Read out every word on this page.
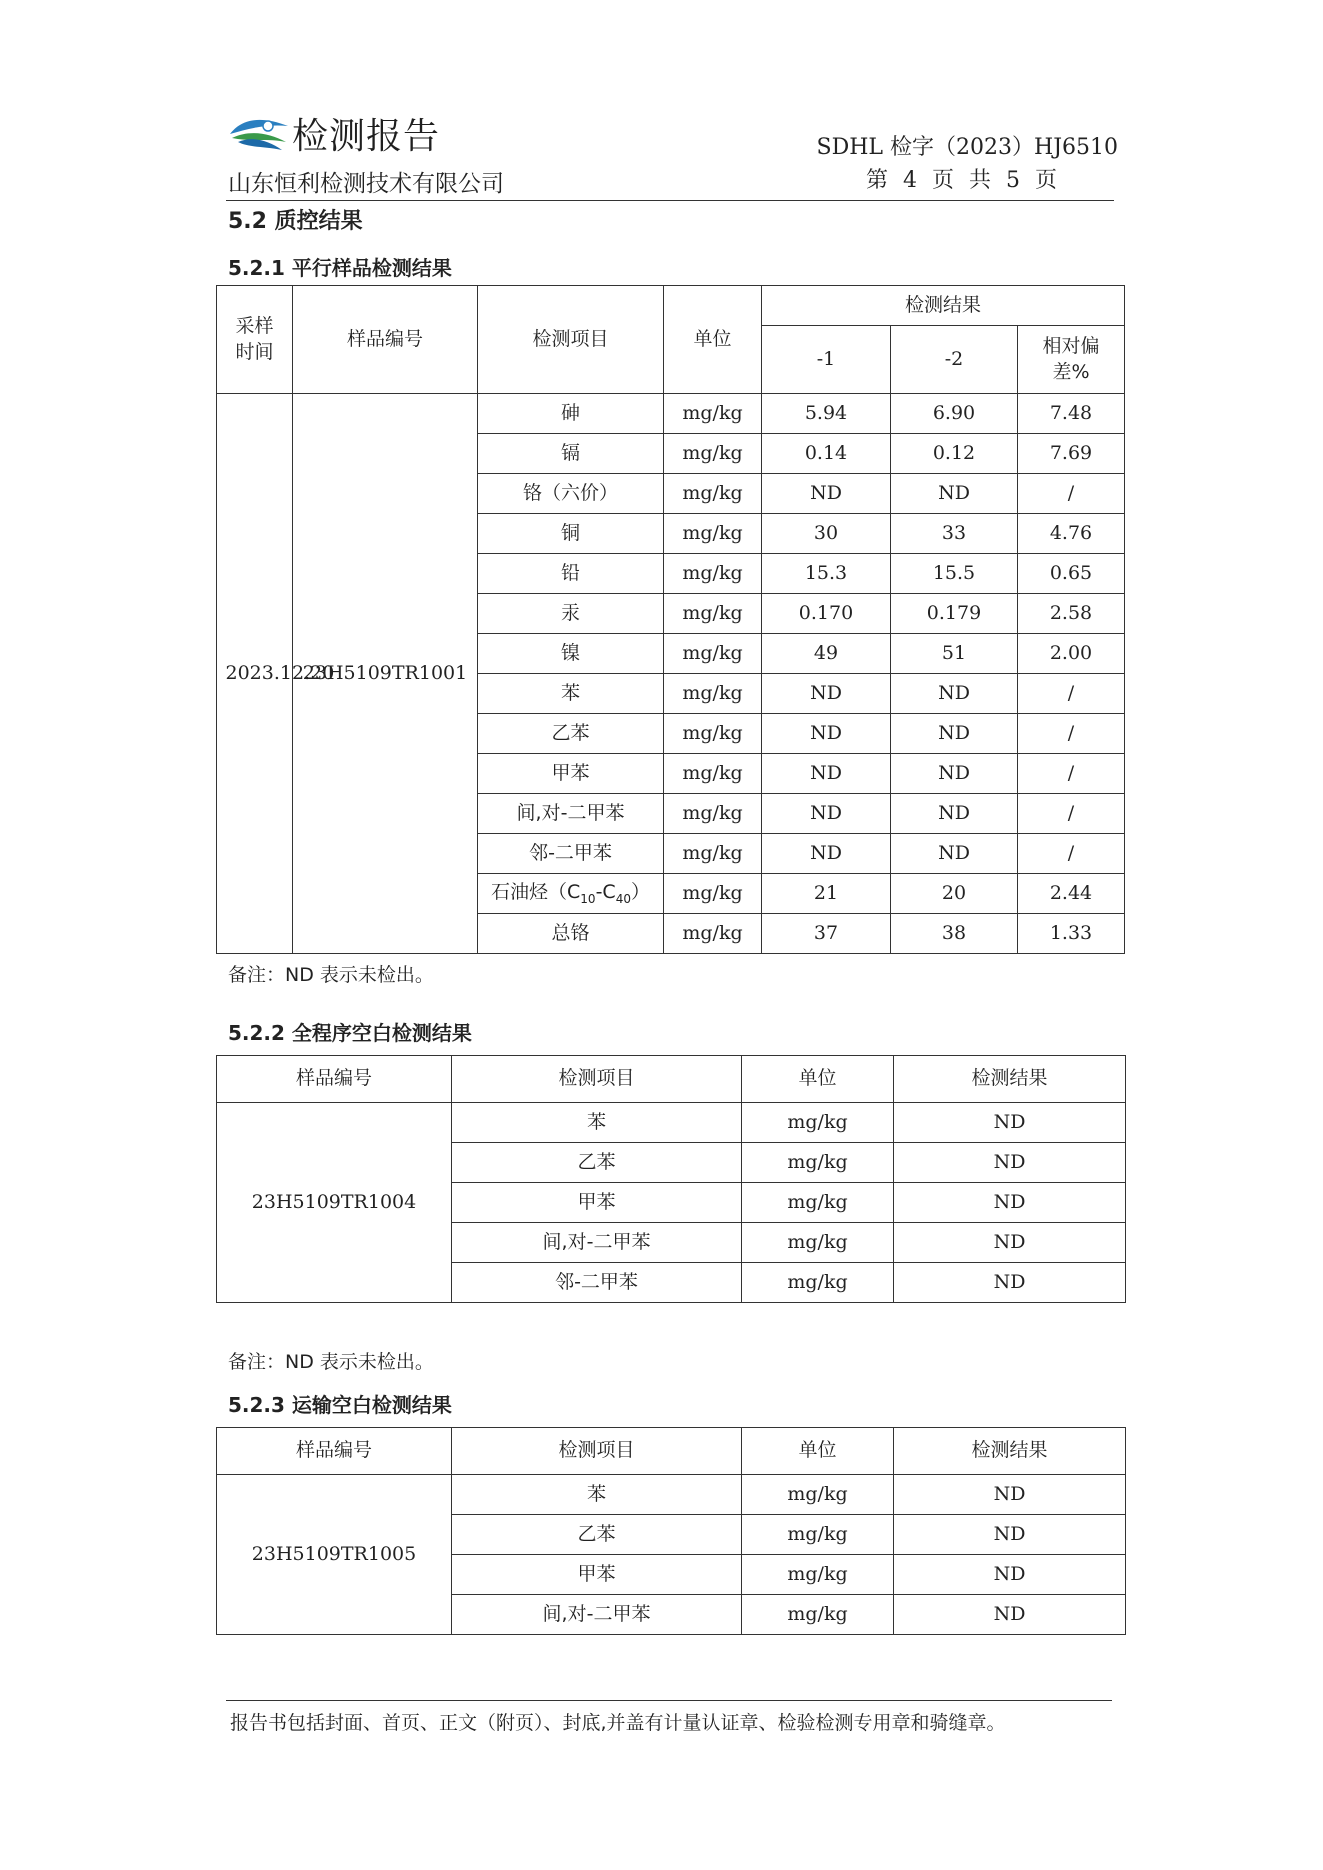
检测报告
山东恒利检测技术有限公司
SDHL 检字（2023）HJ6510
第 4 页 共 5 页
5.2 质控结果
5.2.1 平行样品检测结果
采样时间	样品编号	检测项目	单位	检测结果		
				-1	-2	相对偏差%
2023.12.20	23H5109TR1001	砷	mg/kg	5.94	6.90	7.48
		镉	mg/kg	0.14	0.12	7.69
		铬（六价）	mg/kg	ND	ND	/
		铜	mg/kg	30	33	4.76
		铅	mg/kg	15.3	15.5	0.65
		汞	mg/kg	0.170	0.179	2.58
		镍	mg/kg	49	51	2.00
		苯	mg/kg	ND	ND	/
		乙苯	mg/kg	ND	ND	/
		甲苯	mg/kg	ND	ND	/
		间,对-二甲苯	mg/kg	ND	ND	/
		邻-二甲苯	mg/kg	ND	ND	/
		石油烃$(C_{10}-C_{40})$	mg/kg	21	20	2.44
		总铬	mg/kg	37	38	1.33
备注：ND 表示未检出。
5.2.2 全程序空白检测结果
样品编号	检测项目	单位	检测结果
23H5109TR1004	苯	mg/kg	ND
	乙苯	mg/kg	ND
	甲苯	mg/kg	ND
	间,对-二甲苯	mg/kg	ND
	邻-二甲苯	mg/kg	ND
备注：ND 表示未检出。
5.2.3 运输空白检测结果
样品编号	检测项目	单位	检测结果
23H5109TR1005	苯	mg/kg	ND
	乙苯	mg/kg	ND
	甲苯	mg/kg	ND
	间,对-二甲苯	mg/kg	ND
报告书包括封面、首页、正文（附页）、封底,并盖有计量认证章、检验检测专用章和骑缝章。
